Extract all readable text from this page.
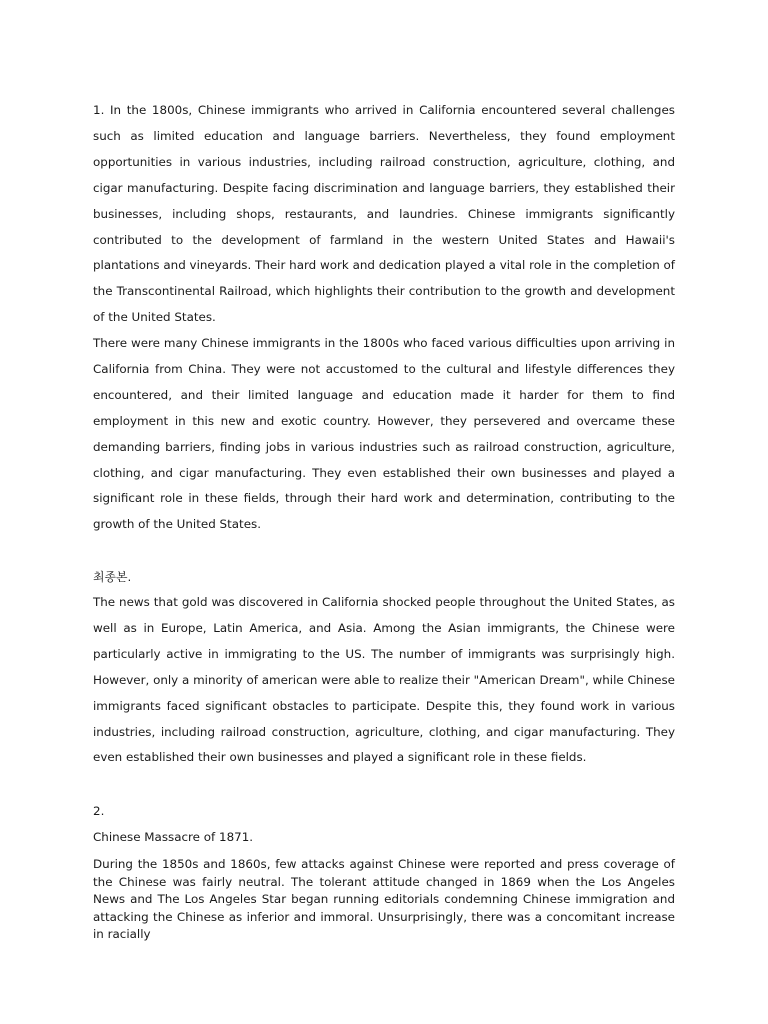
1. In the 1800s, Chinese immigrants who arrived in California encountered several challenges such as limited education and language barriers. Nevertheless, they found employment opportunities in various industries, including railroad construction, agriculture, clothing, and cigar manufacturing. Despite facing discrimination and language barriers, they established their businesses, including shops, restaurants, and laundries. Chinese immigrants significantly contributed to the development of farmland in the western United States and Hawaii's plantations and vineyards. Their hard work and dedication played a vital role in the completion of the Transcontinental Railroad, which highlights their contribution to the growth and development of the United States.

There were many Chinese immigrants in the 1800s who faced various difficulties upon arriving in California from China. They were not accustomed to the cultural and lifestyle differences they encountered, and their limited language and education made it harder for them to find employment in this new and exotic country. However, they persevered and overcame these demanding barriers, finding jobs in various industries such as railroad construction, agriculture, clothing, and cigar manufacturing. They even established their own businesses and played a significant role in these fields, through their hard work and determination, contributing to the growth of the United States.

최종본.

The news that gold was discovered in California shocked people throughout the United States, as well as in Europe, Latin America, and Asia. Among the Asian immigrants, the Chinese were particularly active in immigrating to the US. The number of immigrants was surprisingly high. However, only a minority of american were able to realize their "American Dream", while Chinese immigrants faced significant obstacles to participate. Despite this, they found work in various industries, including railroad construction, agriculture, clothing, and cigar manufacturing. They even established their own businesses and played a significant role in these fields.

2.

Chinese Massacre of 1871.

During the 1850s and 1860s, few attacks against Chinese were reported and press coverage of the Chinese was fairly neutral. The tolerant attitude changed in 1869 when the Los Angeles News and The Los Angeles Star began running editorials condemning Chinese immigration and attacking the Chinese as inferior and immoral. Unsurprisingly, there was a concomitant increase in racially
